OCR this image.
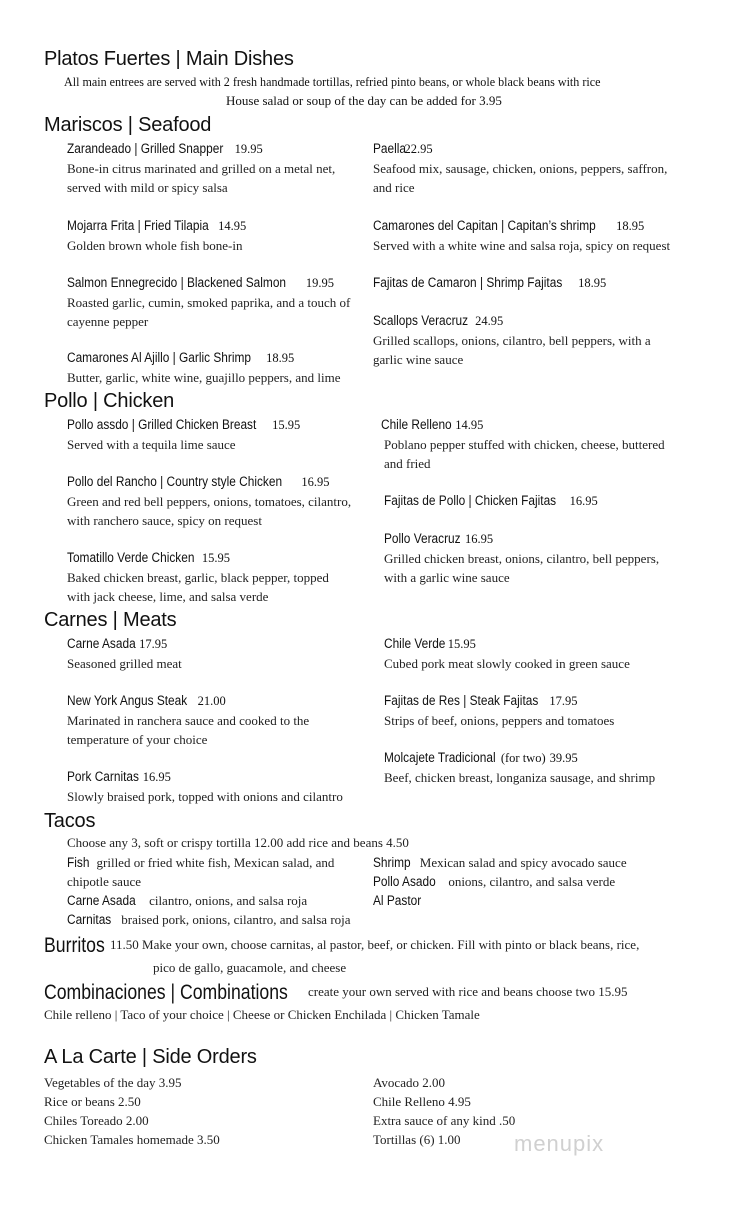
Platos Fuertes | Main Dishes
All main entrees are served with 2 fresh handmade tortillas, refried pinto beans, or whole black beans with rice
House salad or soup of the day can be added for 3.95
Mariscos | Seafood
Zarandeado | Grilled Snapper 19.95
Bone-in citrus marinated and grilled on a metal net,
served with mild or spicy salsa
Paella 22.95
Seafood mix, sausage, chicken, onions, peppers, saffron,
and rice
Mojarra Frita | Fried Tilapia 14.95
Golden brown whole fish bone-in
Camarones del Capitan | Capitan’s shrimp 18.95
Served with a white wine and salsa roja, spicy on request
Salmon Ennegrecido | Blackened Salmon 19.95
Roasted garlic, cumin, smoked paprika, and a touch of
cayenne pepper
Fajitas de Camaron | Shrimp Fajitas 18.95
Scallops Veracruz 24.95
Grilled scallops, onions, cilantro, bell peppers, with a
garlic wine sauce
Camarones Al Ajillo | Garlic Shrimp 18.95
Butter, garlic, white wine, guajillo peppers, and lime
Pollo | Chicken
Pollo assdo | Grilled Chicken Breast 15.95
Served with a tequila lime sauce
Chile Relleno 14.95
Poblano pepper stuffed with chicken, cheese, buttered
and fried
Pollo del Rancho | Country style Chicken 16.95
Green and red bell peppers, onions, tomatoes, cilantro,
with ranchero sauce, spicy on request
Fajitas de Pollo | Chicken Fajitas 16.95
Pollo Veracruz 16.95
Grilled chicken breast, onions, cilantro, bell peppers,
with a garlic wine sauce
Tomatillo Verde Chicken 15.95
Baked chicken breast, garlic, black pepper, topped
with jack cheese, lime, and salsa verde
Carnes | Meats
Carne Asada 17.95
Seasoned grilled meat
Chile Verde 15.95
Cubed pork meat slowly cooked in green sauce
New York Angus Steak 21.00
Marinated in ranchera sauce and cooked to the
temperature of your choice
Fajitas de Res | Steak Fajitas 17.95
Strips of beef, onions, peppers and tomatoes
Molcajete Tradicional (for two) 39.95
Beef, chicken breast, longaniza sausage, and shrimp
Pork Carnitas 16.95
Slowly braised pork, topped with onions and cilantro
Tacos
Choose any 3, soft or crispy tortilla 12.00 add rice and beans 4.50
Fish grilled or fried white fish, Mexican salad, and
chipotle sauce
Shrimp Mexican salad and spicy avocado sauce
Pollo Asado onions, cilantro, and salsa verde
Carne Asada cilantro, onions, and salsa roja	Al Pastor
Carnitas braised pork, onions, cilantro, and salsa roja
Burritos 11.50 Make your own, choose carnitas, al pastor, beef, or chicken. Fill with pinto or black beans, rice,
pico de gallo, guacamole, and cheese
Combinaciones | Combinations create your own served with rice and beans choose two 15.95
Chile relleno | Taco of your choice | Cheese or Chicken Enchilada | Chicken Tamale
A La Carte | Side Orders
Vegetables of the day 3.95
Rice or beans 2.50
Chiles Toreado 2.00
Chicken Tamales homemade 3.50
Avocado 2.00
Chile Relleno 4.95
Extra sauce of any kind .50
Tortillas (6) 1.00	menupix
